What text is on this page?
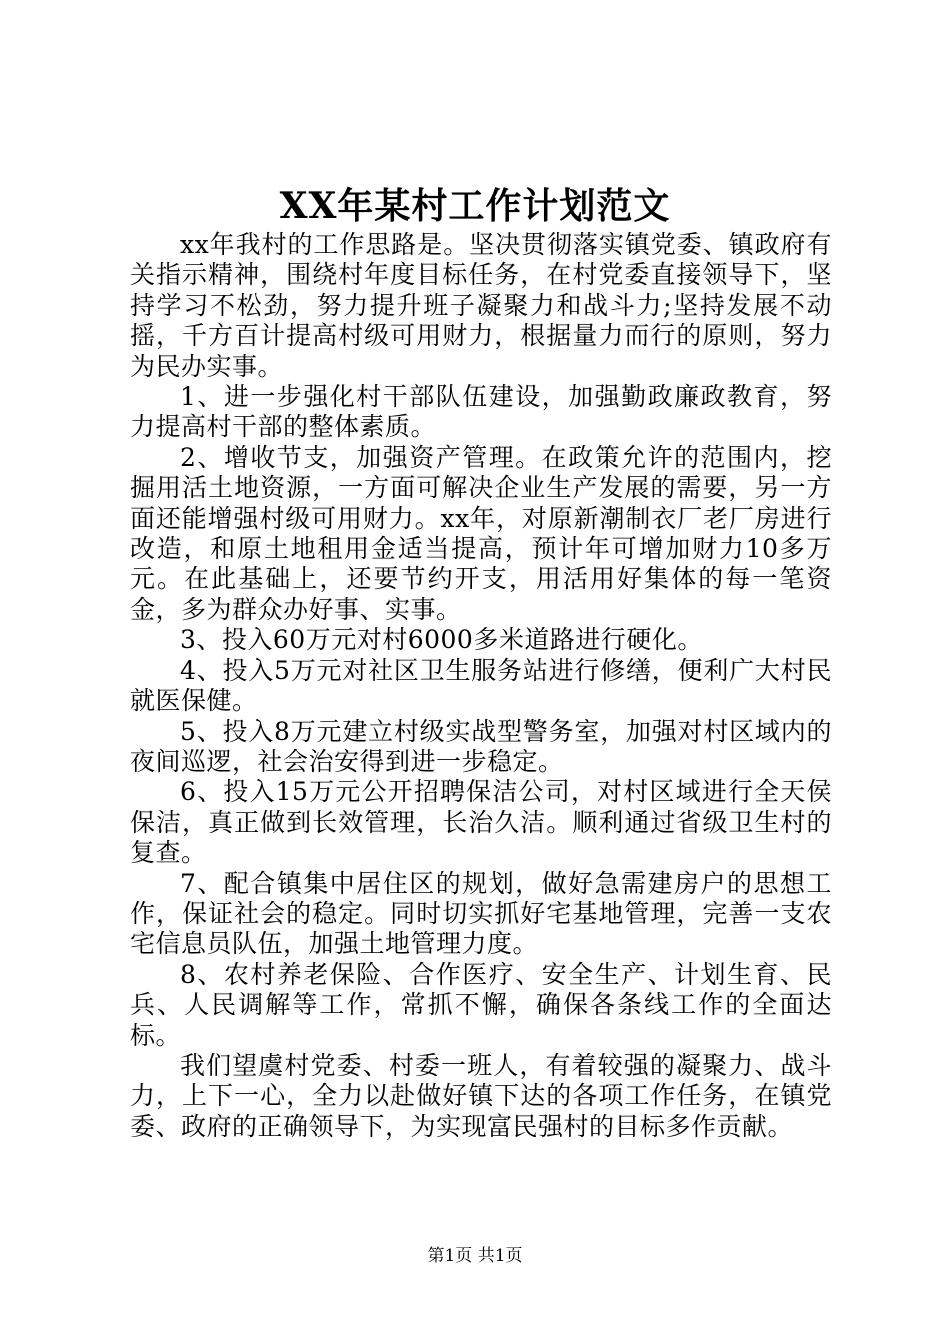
XX年某村工作计划范文

xx年我村的工作思路是。坚决贯彻落实镇党委、镇政府有关指示精神，围绕村年度目标任务，在村党委直接领导下，坚持学习不松劲，努力提升班子凝聚力和战斗力;坚持发展不动摇，千方百计提高村级可用财力，根据量力而行的原则，努力为民办实事。

1、进一步强化村干部队伍建设，加强勤政廉政教育，努力提高村干部的整体素质。

2、增收节支，加强资产管理。在政策允许的范围内，挖掘用活土地资源，一方面可解决企业生产发展的需要，另一方面还能增强村级可用财力。xx年，对原新潮制衣厂老厂房进行改造，和原土地租用金适当提高，预计年可增加财力10多万元。在此基础上，还要节约开支，用活用好集体的每一笔资金，多为群众办好事、实事。

3、投入60万元对村6000多米道路进行硬化。

4、投入5万元对社区卫生服务站进行修缮，便利广大村民就医保健。

5、投入8万元建立村级实战型警务室，加强对村区域内的夜间巡逻，社会治安得到进一步稳定。

6、投入15万元公开招聘保洁公司，对村区域进行全天侯保洁，真正做到长效管理，长治久洁。顺利通过省级卫生村的复查。

7、配合镇集中居住区的规划，做好急需建房户的思想工作，保证社会的稳定。同时切实抓好宅基地管理，完善一支农宅信息员队伍，加强土地管理力度。

8、农村养老保险、合作医疗、安全生产、计划生育、民兵、人民调解等工作，常抓不懈，确保各条线工作的全面达标。

我们望虞村党委、村委一班人，有着较强的凝聚力、战斗力，上下一心，全力以赴做好镇下达的各项工作任务，在镇党委、政府的正确领导下，为实现富民强村的目标多作贡献。

第1页 共1页
